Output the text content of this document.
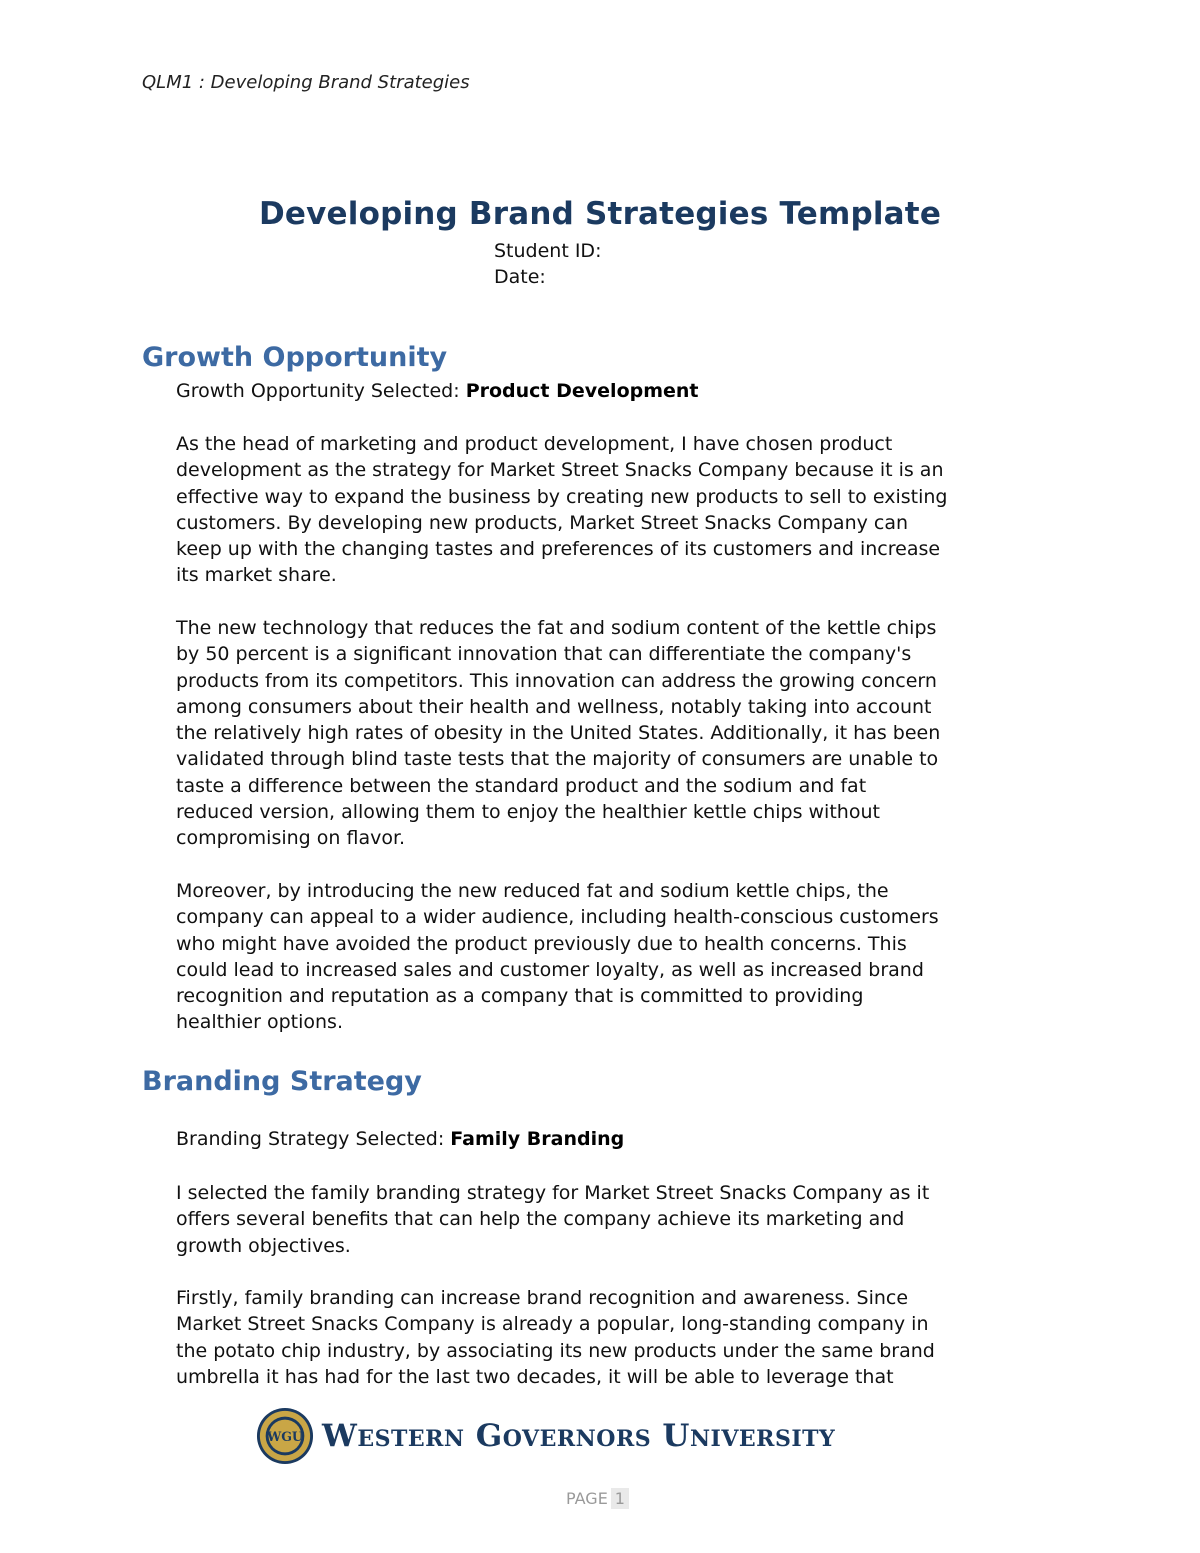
QLM1 : Developing Brand Strategies
Developing Brand Strategies Template
Student ID:
Date:
Growth Opportunity
Growth Opportunity Selected: Product Development
As the head of marketing and product development, I have chosen product
development as the strategy for Market Street Snacks Company because it is an
effective way to expand the business by creating new products to sell to existing
customers. By developing new products, Market Street Snacks Company can
keep up with the changing tastes and preferences of its customers and increase
its market share.
The new technology that reduces the fat and sodium content of the kettle chips
by 50 percent is a significant innovation that can differentiate the company's
products from its competitors. This innovation can address the growing concern
among consumers about their health and wellness, notably taking into account
the relatively high rates of obesity in the United States. Additionally, it has been
validated through blind taste tests that the majority of consumers are unable to
taste a difference between the standard product and the sodium and fat
reduced version, allowing them to enjoy the healthier kettle chips without
compromising on flavor.
Moreover, by introducing the new reduced fat and sodium kettle chips, the
company can appeal to a wider audience, including health-conscious customers
who might have avoided the product previously due to health concerns. This
could lead to increased sales and customer loyalty, as well as increased brand
recognition and reputation as a company that is committed to providing
healthier options.
Branding Strategy
Branding Strategy Selected: Family Branding
I selected the family branding strategy for Market Street Snacks Company as it
offers several benefits that can help the company achieve its marketing and
growth objectives.
Firstly, family branding can increase brand recognition and awareness. Since
Market Street Snacks Company is already a popular, long-standing company in
the potato chip industry, by associating its new products under the same brand
umbrella it has had for the last two decades, it will be able to leverage that
WGU Western Governors University
PAGE 1
